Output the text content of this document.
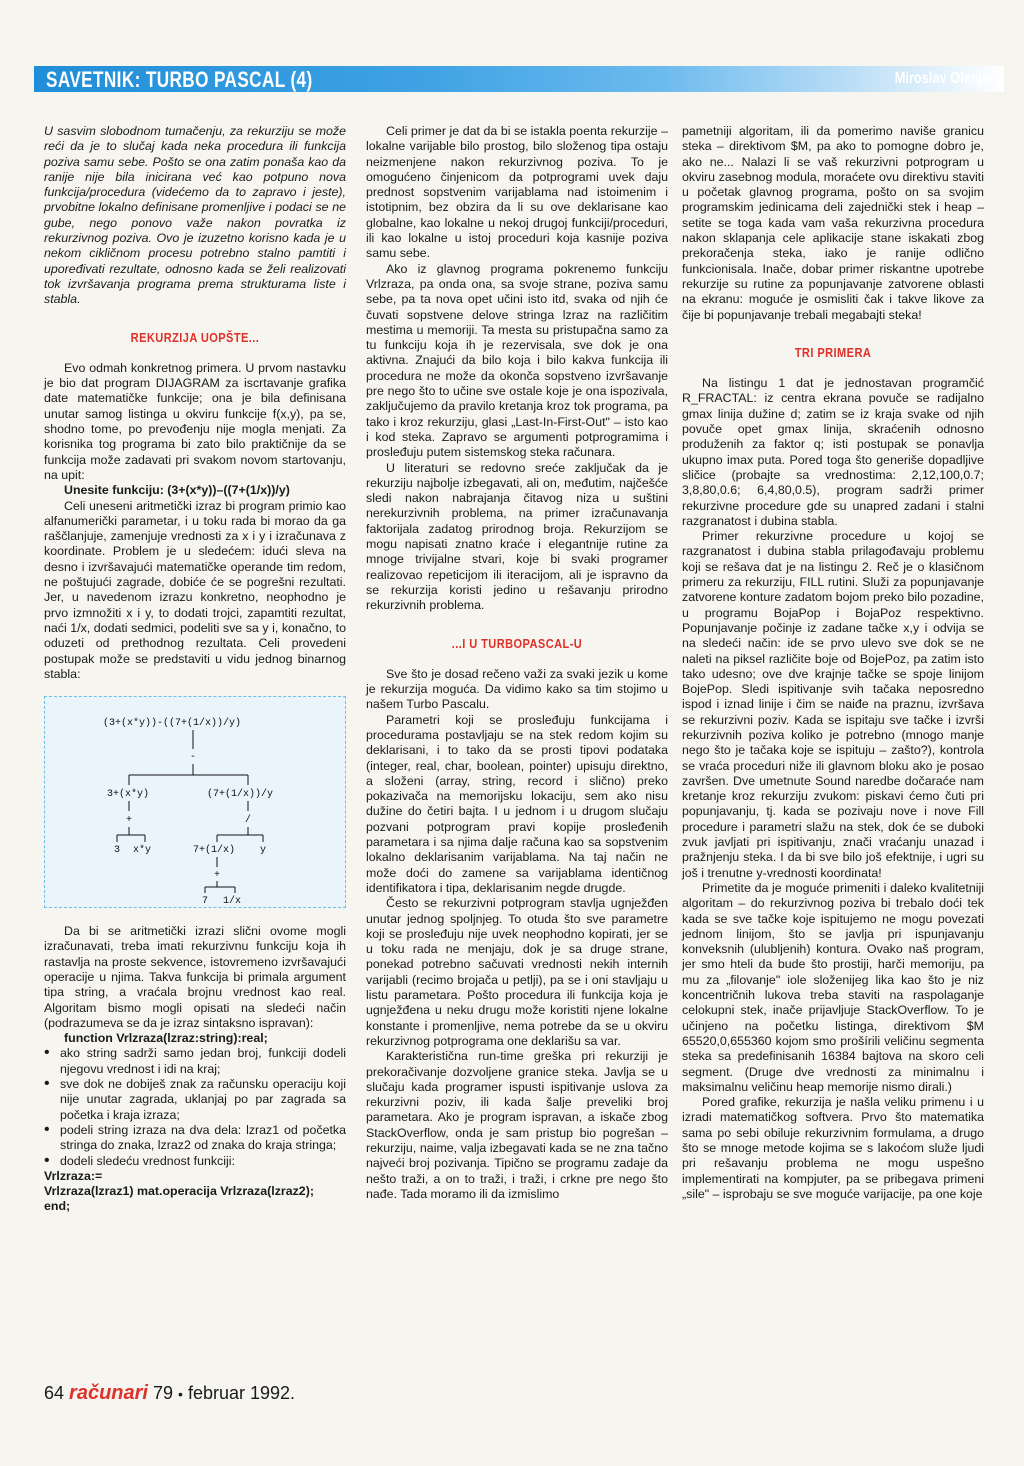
SAVETNIK: TURBO PASCAL (4)	Miroslav Olenjin

U sasvim slobodnom tumačenju, za rekurziju se može reći da je to slučaj kada neka procedura ili funkcija poziva samu sebe. Pošto se ona zatim ponaša kao da ranije nije bila inicirana već kao potpuno nova funkcija/procedura (videćemo da to zapravo i jeste), prvobitne lokalno definisane promenljive i podaci se ne gube, nego ponovo važe nakon povratka iz rekurzivnog poziva. Ovo je izuzetno korisno kada je u nekom cikličnom procesu potrebno stalno pamtiti i upoređivati rezultate, odnosno kada se želi realizovati tok izvršavanja programa prema strukturama liste i stabla.

REKURZIJA UOPŠTE...

Evo odmah konkretnog primera. U prvom nastavku je bio dat program DIJAGRAM za iscrtavanje grafika date matematičke funkcije; ona je bila definisana unutar samog listinga u okviru funkcije f(x,y), pa se, shodno tome, po prevođenju nije mogla menjati. Za korisnika tog programa bi zato bilo praktičnije da se funkcija može zadavati pri svakom novom startovanju, na upit:

Unesite funkciju: (3+(x*y))–((7+(1/x))/y)

Celi uneseni aritmetički izraz bi program primio kao alfanumerički parametar, i u toku rada bi morao da ga raščlanjuje, zamenjuje vrednosti za x i y i izračunava z koordinate. Problem je u sledećem: idući sleva na desno i izvršavajući matematičke operande tim redom, ne poštujući zagrade, dobiće će se pogrešni rezultati. Jer, u navedenom izrazu konkretno, neophodno je prvo izmnožiti x i y, to dodati trojci, zapamtiti rezultat, naći 1/x, dodati sedmici, podeliti sve sa y i, konačno, to oduzeti od prethodnog rezultata. Celi provedeni postupak može se predstaviti u vidu jednog binarnog stabla:

(3+(x*y))-((7+(1/x))/y)
-
3+(x*y)	(7+(1/x))/y
+	/
3 x*y	7+(1/x) y
+
7 1/x

Da bi se aritmetički izrazi slični ovome mogli izračunavati, treba imati rekurzivnu funkciju koja ih rastavlja na proste sekvence, istovremeno izvršavajući operacije u njima. Takva funkcija bi primala argument tipa string, a vraćala brojnu vrednost kao real. Algoritam bismo mogli opisati na sledeći način (podrazumeva se da je izraz sintaksno ispravan):

function Vrlzraza(lzraz:string):real;

• ako string sadrži samo jedan broj, funkciji dodeli njegovu vrednost i idi na kraj;
• sve dok ne dobiješ znak za računsku operaciju koji nije unutar zagrada, uklanjaj po par zagrada sa početka i kraja izraza;
• podeli string izraza na dva dela: lzraz1 od početka stringa do znaka, lzraz2 od znaka do kraja stringa;
• dodeli sledeću vrednost funkciji:

Vrlzraza:=

Vrlzraza(lzraz1) mat.operacija Vrlzraza(lzraz2);

end;

Celi primer je dat da bi se istakla poenta rekurzije – lokalne varijable bilo prostog, bilo složenog tipa ostaju neizmenjene nakon rekurzivnog poziva. To je omogućeno činjenicom da potprogrami uvek daju prednost sopstvenim varijablama nad istoimenim i istotipnim, bez obzira da li su ove deklarisane kao globalne, kao lokalne u nekoj drugoj funkciji/proceduri, ili kao lokalne u istoj proceduri koja kasnije poziva samu sebe.

Ako iz glavnog programa pokrenemo funkciju Vrlzraza, pa onda ona, sa svoje strane, poziva samu sebe, pa ta nova opet učini isto itd, svaka od njih će čuvati sopstvene delove stringa lzraz na različitim mestima u memoriji. Ta mesta su pristupačna samo za tu funkciju koja ih je rezervisala, sve dok je ona aktivna. Znajući da bilo koja i bilo kakva funkcija ili procedura ne može da okonča sopstveno izvršavanje pre nego što to učine sve ostale koje je ona ispozivala, zaključujemo da pravilo kretanja kroz tok programa, pa tako i kroz rekurziju, glasi „Last-In-First-Out" – isto kao i kod steka. Zapravo se argumenti potprogramima i prosleđuju putem sistemskog steka računara.

U literaturi se redovno sreće zaključak da je rekurziju najbolje izbegavati, ali on, međutim, najčešće sledi nakon nabrajanja čitavog niza u suštini nerekurzivnih problema, na primer izračunavanja faktorijala zadatog prirodnog broja. Rekurzijom se mogu napisati znatno kraće i elegantnije rutine za mnoge trivijalne stvari, koje bi svaki programer realizovao repeticijom ili iteracijom, ali je ispravno da se rekurzija koristi jedino u rešavanju prirodno rekurzivnih problema.

...I U TURBOPASCAL-U

Sve što je dosad rečeno važi za svaki jezik u kome je rekurzija moguća. Da vidimo kako sa tim stojimo u našem Turbo Pascalu.

Parametri koji se prosleđuju funkcijama i procedurama postavljaju se na stek redom kojim su deklarisani, i to tako da se prosti tipovi podataka (integer, real, char, boolean, pointer) upisuju direktno, a složeni (array, string, record i slično) preko pokazivača na memorijsku lokaciju, sem ako nisu dužine do četiri bajta. I u jednom i u drugom slučaju pozvani potprogram pravi kopije prosleđenih parametara i sa njima dalje računa kao sa sopstvenim lokalno deklarisanim varijablama. Na taj način ne može doći do zamene sa varijablama identičnog identifikatora i tipa, deklarisanim negde drugde.

Često se rekurzivni potprogram stavlja ugnježđen unutar jednog spoljnjeg. To otuda što sve parametre koji se prosleđuju nije uvek neophodno kopirati, jer se u toku rada ne menjaju, dok je sa druge strane, ponekad potrebno sačuvati vrednosti nekih internih varijabli (recimo brojača u petlji), pa se i oni stavljaju u listu parametara. Pošto procedura ili funkcija koja je ugnježđena u neku drugu može koristiti njene lokalne konstante i promenljive, nema potrebe da se u okviru rekurzivnog potprograma one deklarišu sa var.

Karakteristična run-time greška pri rekurziji je prekoračivanje dozvoljene granice steka. Javlja se u slučaju kada programer ispusti ispitivanje uslova za rekurzivni poziv, ili kada šalje preveliki broj parametara. Ako je program ispravan, a iskače zbog StackOverflow, onda je sam pristup bio pogrešan – rekurziju, naime, valja izbegavati kada se ne zna tačno najveći broj pozivanja. Tipično se programu zadaje da nešto traži, a on to traži, i traži, i crkne pre nego što nađe. Tada moramo ili da izmislimo

pametniji algoritam, ili da pomerimo naviše granicu steka – direktivom $M, pa ako to pomogne dobro je, ako ne... Nalazi li se vaš rekurzivni potprogram u okviru zasebnog modula, moraćete ovu direktivu staviti u početak glavnog programa, pošto on sa svojim programskim jedinicama deli zajednički stek i heap – setite se toga kada vam vaša rekurzivna procedura nakon sklapanja cele aplikacije stane iskakati zbog prekoračenja steka, iako je ranije odlično funkcionisala. Inače, dobar primer riskantne upotrebe rekurzije su rutine za popunjavanje zatvorene oblasti na ekranu: moguće je osmisliti čak i takve likove za čije bi popunjavanje trebali megabajti steka!

TRI PRIMERA

Na listingu 1 dat je jednostavan programčić R_FRACTAL: iz centra ekrana povuče se radijalno gmax linija dužine d; zatim se iz kraja svake od njih povuče opet gmax linija, skraćenih odnosno produženih za faktor q; isti postupak se ponavlja ukupno imax puta. Pored toga što generiše dopadljive sličice (probajte sa vrednostima: 2,12,100,0.7; 3,8,80,0.6; 6,4,80,0.5), program sadrži primer rekurzivne procedure gde su unapred zadani i stalni razgranatost i dubina stabla.

Primer rekurzivne procedure u kojoj se razgranatost i dubina stabla prilagođavaju problemu koji se rešava dat je na listingu 2. Reč je o klasičnom primeru za rekurziju, FILL rutini. Služi za popunjavanje zatvorene konture zadatom bojom preko bilo pozadine, u programu BojaPop i BojaPoz respektivno. Popunjavanje počinje iz zadane tačke x,y i odvija se na sledeći način: ide se prvo ulevo sve dok se ne naleti na piksel različite boje od BojePoz, pa zatim isto tako udesno; ove dve krajnje tačke se spoje linijom BojePop. Sledi ispitivanje svih tačaka neposredno ispod i iznad linije i čim se naiđe na praznu, izvršava se rekurzivni poziv. Kada se ispitaju sve tačke i izvrši rekurzivnih poziva koliko je potrebno (mnogo manje nego što je tačaka koje se ispituju – zašto?), kontrola se vraća proceduri niže ili glavnom bloku ako je posao završen. Dve umetnute Sound naredbe dočaraće nam kretanje kroz rekurziju zvukom: piskavi ćemo čuti pri popunjavanju, tj. kada se pozivaju nove i nove Fill procedure i parametri slažu na stek, dok će se duboki zvuk javljati pri ispitivanju, znači vraćanju unazad i pražnjenju steka. I da bi sve bilo još efektnije, i ugri su još i trenutne y-vrednosti koordinata!

Primetite da je moguće primeniti i daleko kvalitetniji algoritam – do rekurzivnog poziva bi trebalo doći tek kada se sve tačke koje ispitujemo ne mogu povezati jednom linijom, što se javlja pri ispunjavanju konveksnih (ulubljenih) kontura. Ovako naš program, jer smo hteli da bude što prostiji, harči memoriju, pa mu za „filovanje" iole složenijeg lika kao što je niz koncentričnih lukova treba staviti na raspolaganje celokupni stek, inače prijavljuje StackOverflow. To je učinjeno na početku listinga, direktivom $M 65520,0,655360 kojom smo prošírili veličinu segmenta steka sa predefinisanih 16384 bajtova na skoro celi segment. (Druge dve vrednosti za minimalnu i maksimalnu veličinu heap memorije nismo dirali.)

Pored grafike, rekurzija je našla veliku primenu i u izradi matematičkog softvera. Prvo što matematika sama po sebi obiluje rekurzivnim formulama, a drugo što se mnoge metode kojima se s lakoćom služe ljudi pri rešavanju problema ne mogu uspešno implementirati na kompjuter, pa se pribegava primeni „sile" – isprobaju se sve moguće varijacije, pa one koje

64 računari 79 • februar 1992.
